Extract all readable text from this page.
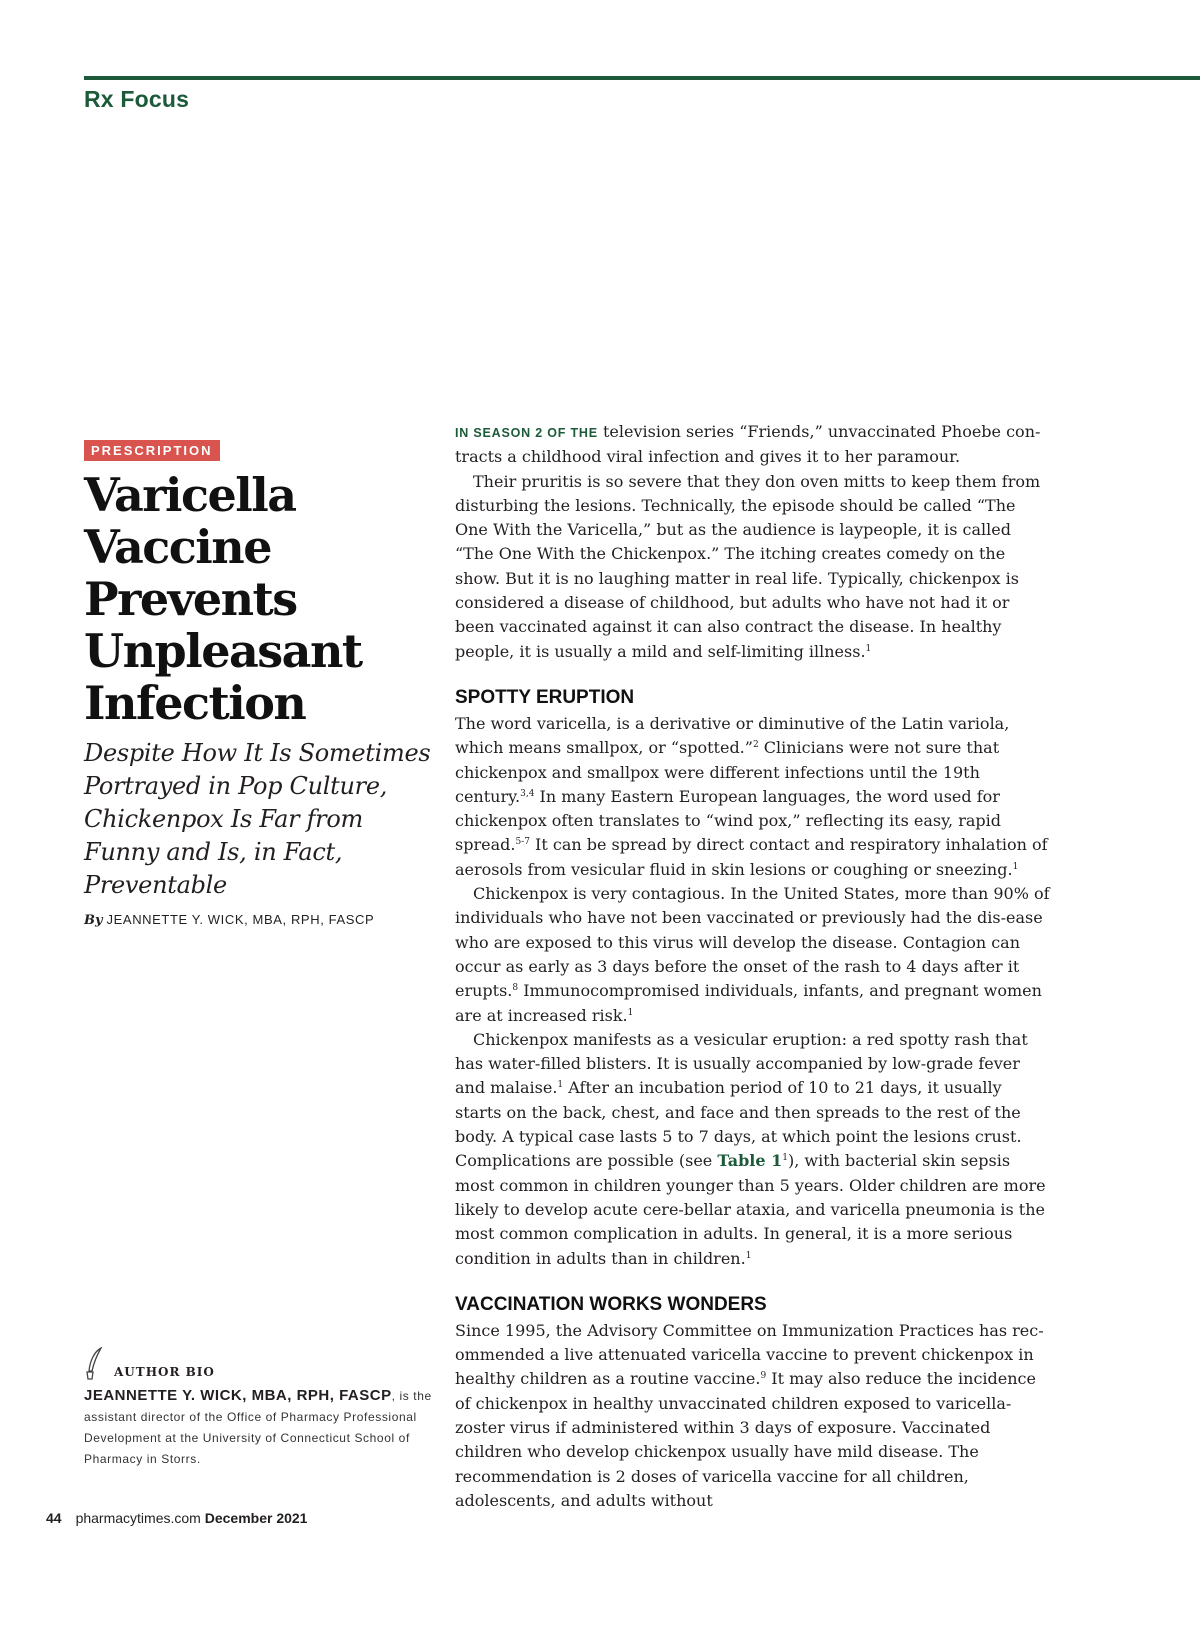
Rx Focus
PRESCRIPTION
Varicella Vaccine Prevents Unpleasant Infection

Despite How It Is Sometimes Portrayed in Pop Culture, Chickenpox Is Far from Funny and Is, in Fact, Preventable

By JEANNETTE Y. WICK, MBA, RPH, FASCP
AUTHOR BIO
JEANNETTE Y. WICK, MBA, RPH, FASCP, is the assistant director of the Office of Pharmacy Professional Development at the University of Connecticut School of Pharmacy in Storrs.

IN SEASON 2 OF THE television series “Friends,” unvaccinated Phoebe con-tracts a childhood viral infection and gives it to her paramour.

Their pruritis is so severe that they don oven mitts to keep them from disturbing the lesions. Technically, the episode should be called “The One With the Varicella,” but as the audience is laypeople, it is called “The One With the Chickenpox.” The itching creates comedy on the show. But it is no laughing matter in real life. Typically, chickenpox is considered a disease of childhood, but adults who have not had it or been vaccinated against it can also contract the disease. In healthy people, it is usually a mild and self-limiting illness.$^1$

SPOTTY ERUPTION

The word varicella, is a derivative or diminutive of the Latin variola, which means smallpox, or “spotted.”$^2$ Clinicians were not sure that chickenpox and smallpox were different infections until the 19th century.$^{3,4}$ In many Eastern European languages, the word used for chickenpox often translates to “wind pox,” reflecting its easy, rapid spread.$^{5-7}$ It can be spread by direct contact and respiratory inhalation of aerosols from vesicular fluid in skin lesions or coughing or sneezing.$^1$

Chickenpox is very contagious. In the United States, more than 90% of individuals who have not been vaccinated or previously had the dis-ease who are exposed to this virus will develop the disease. Contagion can occur as early as 3 days before the onset of the rash to 4 days after it erupts.$^8$ Immunocompromised individuals, infants, and pregnant women are at increased risk.$^1$

Chickenpox manifests as a vesicular eruption: a red spotty rash that has water-filled blisters. It is usually accompanied by low-grade fever and malaise.$^1$ After an incubation period of 10 to 21 days, it usually starts on the back, chest, and face and then spreads to the rest of the body. A typical case lasts 5 to 7 days, at which point the lesions crust. Complications are possible (see Table $1^1$), with bacterial skin sepsis most common in children younger than 5 years. Older children are more likely to develop acute cere-bellar ataxia, and varicella pneumonia is the most common complication in adults. In general, it is a more serious condition in adults than in children.$^1$

VACCINATION WORKS WONDERS

Since 1995, the Advisory Committee on Immunization Practices has rec-ommended a live attenuated varicella vaccine to prevent chickenpox in healthy children as a routine vaccine.$^9$ It may also reduce the incidence of chickenpox in healthy unvaccinated children exposed to varicella-zoster virus if administered within 3 days of exposure. Vaccinated children who develop chickenpox usually have mild disease. The recommendation is 2 doses of varicella vaccine for all children, adolescents, and adults without

44 pharmacytimes.com December 2021
